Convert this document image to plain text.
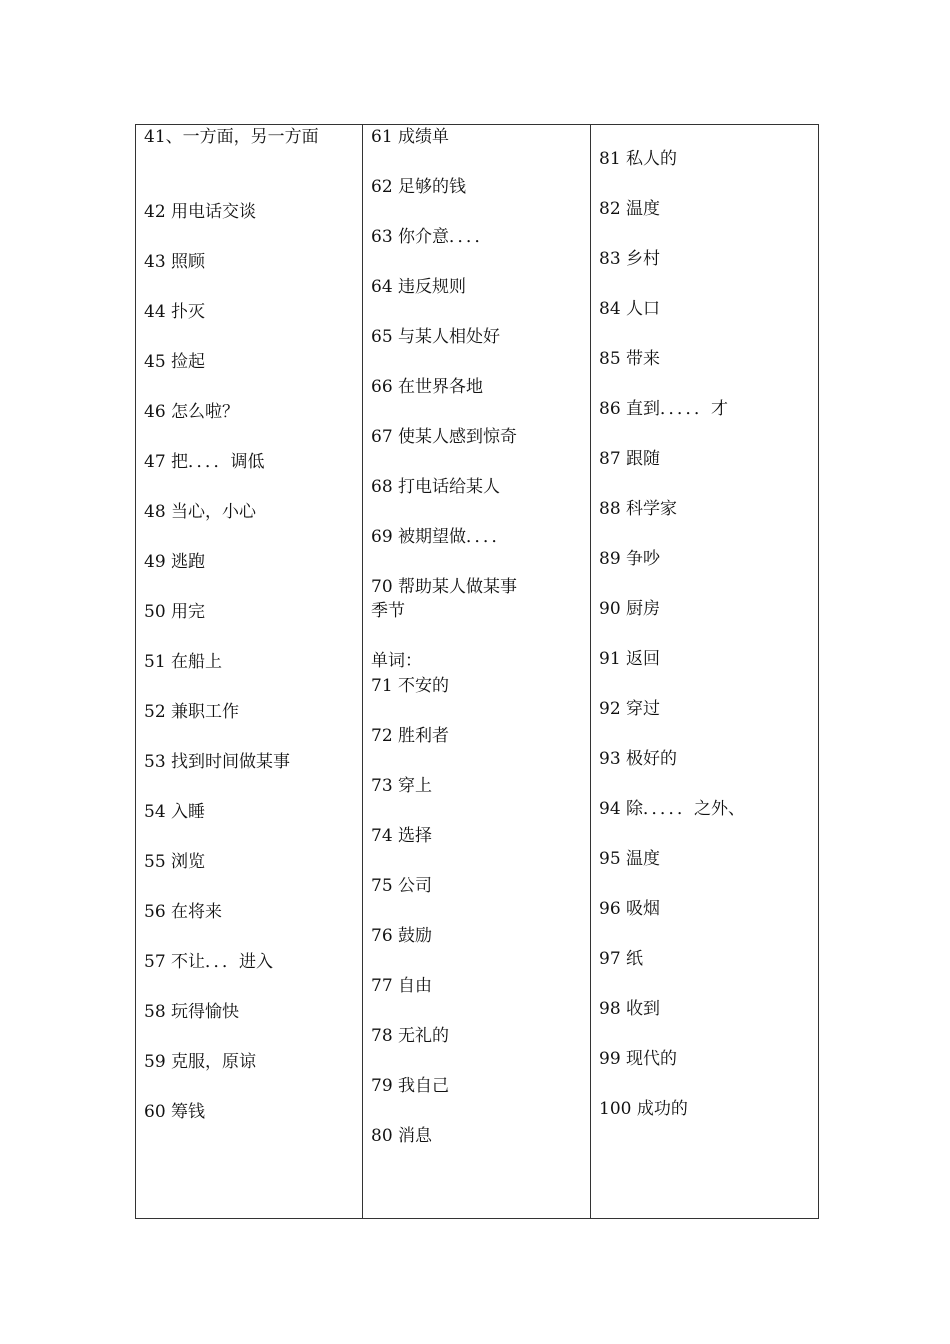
41、一方面，另一方面
42 用电话交谈
43 照顾
44 扑灭
45 捡起
46 怎么啦？
47 把．．．．调低
48 当心，小心
49 逃跑
50 用完
51 在船上
52 兼职工作
53 找到时间做某事
54 入睡
55 浏览
56 在将来
57 不让．．．进入
58 玩得愉快
59 克服，原谅
60 筹钱

61 成绩单
62 足够的钱
63 你介意．．．．
64 违反规则
65 与某人相处好
66 在世界各地
67 使某人感到惊奇
68 打电话给某人
69 被期望做．．．．
70 帮助某人做某事
季节
单词：
71 不安的
72 胜利者
73 穿上
74 选择
75 公司
76 鼓励
77 自由
78 无礼的
79 我自己
80 消息

81 私人的
82 温度
83 乡村
84 人口
85 带来
86 直到．．．．．才
87 跟随
88 科学家
89 争吵
90 厨房
91 返回
92 穿过
93 极好的
94 除．．．．．之外、
95 温度
96 吸烟
97 纸
98 收到
99 现代的
100 成功的
